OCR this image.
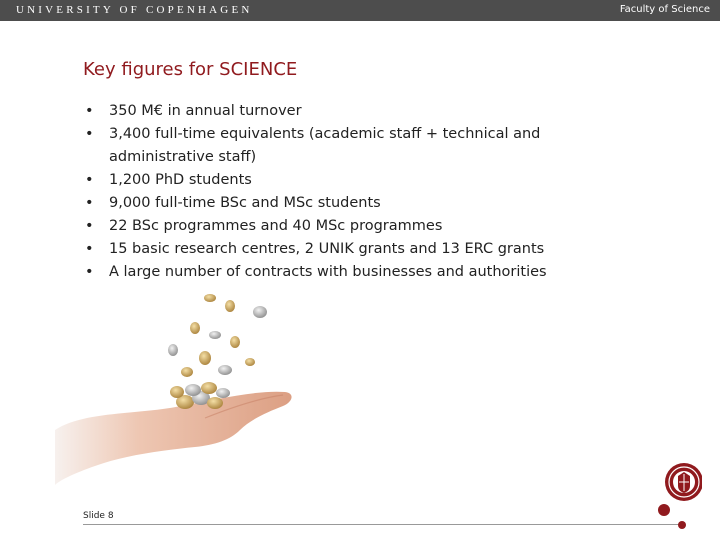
UNIVERSITY OF COPENHAGEN	Faculty of Science
Key figures for SCIENCE
• 350 M€ in annual turnover
• 3,400 full-time equivalents (academic staff + technical and administrative staff)
• 1,200 PhD students
• 9,000 full-time BSc and MSc students
• 22 BSc programmes and 40 MSc programmes
• 15 basic research centres, 2 UNIK grants and 13 ERC grants
• A large number of contracts with businesses and authorities
Slide 8
